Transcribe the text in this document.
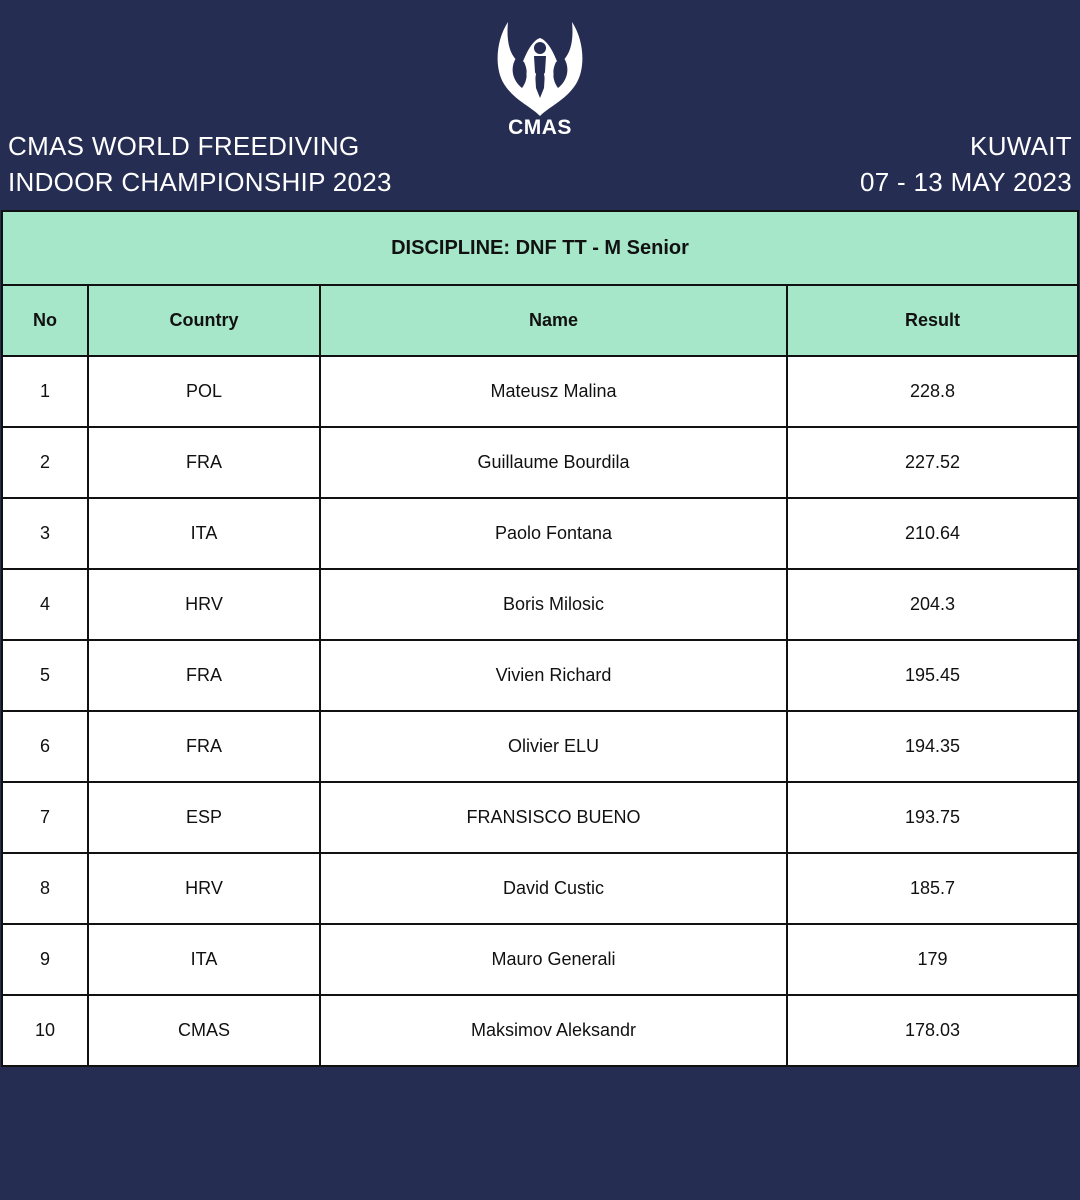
CMAS WORLD FREEDIVING
INDOOR CHAMPIONSHIP 2023
CMAS
KUWAIT
07 - 13 MAY 2023
DISCIPLINE: DNF TT - M Senior			
No	Country	Name	Result
1	POL	Mateusz Malina	228.8
2	FRA	Guillaume Bourdila	227.52
3	ITA	Paolo Fontana	210.64
4	HRV	Boris Milosic	204.3
5	FRA	Vivien Richard	195.45
6	FRA	Olivier ELU	194.35
7	ESP	FRANSISCO BUENO	193.75
8	HRV	David Custic	185.7
9	ITA	Mauro Generali	179
10	CMAS	Maksimov Aleksandr	178.03
